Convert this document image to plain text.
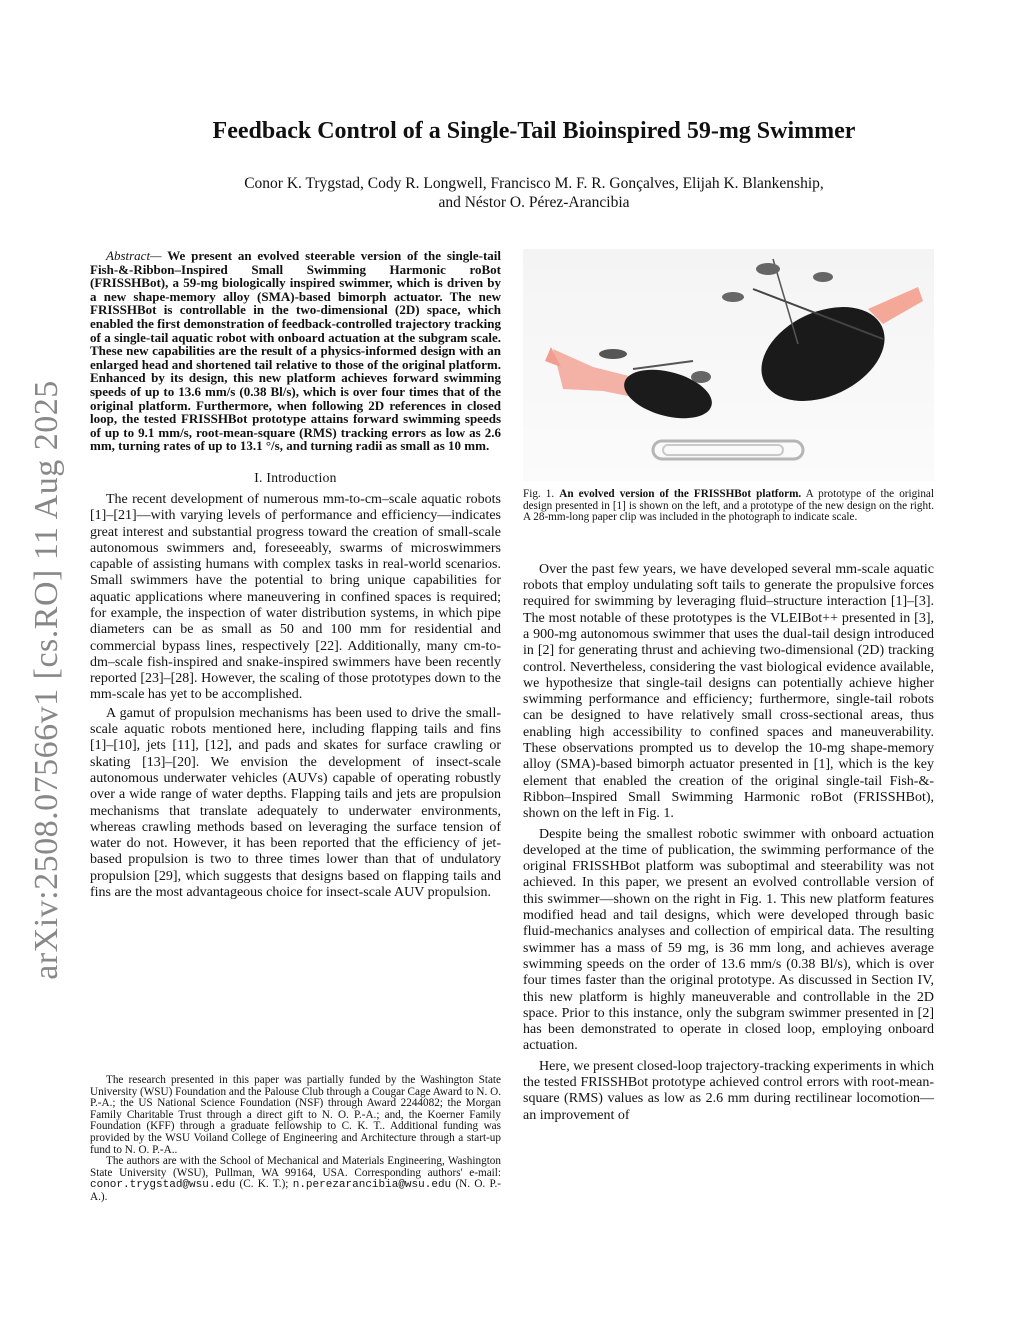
arXiv:2508.07566v1 [cs.RO] 11 Aug 2025
Feedback Control of a Single-Tail Bioinspired 59-mg Swimmer
Conor K. Trygstad, Cody R. Longwell, Francisco M. F. R. Gonçalves, Elijah K. Blankenship,
and Néstor O. Pérez-Arancibia

Abstract— We present an evolved steerable version of the single-tail Fish-&-Ribbon–Inspired Small Swimming Harmonic roBot (FRISSHBot), a 59-mg biologically inspired swimmer, which is driven by a new shape-memory alloy (SMA)-based bimorph actuator. The new FRISSHBot is controllable in the two-dimensional (2D) space, which enabled the first demonstration of feedback-controlled trajectory tracking of a single-tail aquatic robot with onboard actuation at the subgram scale. These new capabilities are the result of a physics-informed design with an enlarged head and shortened tail relative to those of the original platform. Enhanced by its design, this new platform achieves forward swimming speeds of up to 13.6 mm/s (0.38 Bl/s), which is over four times that of the original platform. Furthermore, when following 2D references in closed loop, the tested FRISSHBot prototype attains forward swimming speeds of up to 9.1 mm/s, root-mean-square (RMS) tracking errors as low as 2.6 mm, turning rates of up to 13.1 °/s, and turning radii as small as 10 mm.

I. Introduction

The recent development of numerous mm-to-cm–scale aquatic robots [1]–[21]—with varying levels of performance and efficiency—indicates great interest and substantial progress toward the creation of small-scale autonomous swimmers and, foreseeably, swarms of microswimmers capable of assisting humans with complex tasks in real-world scenarios. Small swimmers have the potential to bring unique capabilities for aquatic applications where maneuvering in confined spaces is required; for example, the inspection of water distribution systems, in which pipe diameters can be as small as 50 and 100 mm for residential and commercial bypass lines, respectively [22]. Additionally, many cm-to-dm–scale fish-inspired and snake-inspired swimmers have been recently reported [23]–[28]. However, the scaling of those prototypes down to the mm-scale has yet to be accomplished.

A gamut of propulsion mechanisms has been used to drive the small-scale aquatic robots mentioned here, including flapping tails and fins [1]–[10], jets [11], [12], and pads and skates for surface crawling or skating [13]–[20]. We envision the development of insect-scale autonomous underwater vehicles (AUVs) capable of operating robustly over a wide range of water depths. Flapping tails and jets are propulsion mechanisms that translate adequately to underwater environments, whereas crawling methods based on leveraging the surface tension of water do not. However, it has been reported that the efficiency of jet-based propulsion is two to three times lower than that of undulatory propulsion [29], which suggests that designs based on flapping tails and fins are the most advantageous choice for insect-scale AUV propulsion.

The research presented in this paper was partially funded by the Washington State University (WSU) Foundation and the Palouse Club through a Cougar Cage Award to N. O. P.-A.; the US National Science Foundation (NSF) through Award 2244082; the Morgan Family Charitable Trust through a direct gift to N. O. P.-A.; and, the Koerner Family Foundation (KFF) through a graduate fellowship to C. K. T.. Additional funding was provided by the WSU Voiland College of Engineering and Architecture through a start-up fund to N. O. P.-A..

The authors are with the School of Mechanical and Materials Engineering, Washington State University (WSU), Pullman, WA 99164, USA. Corresponding authors' e-mail: conor.trygstad@wsu.edu (C. K. T.); n.perezarancibia@wsu.edu (N. O. P.-A.).

Fig. 1. An evolved version of the FRISSHBot platform. A prototype of the original design presented in [1] is shown on the left, and a prototype of the new design on the right. A 28-mm-long paper clip was included in the photograph to indicate scale.

Over the past few years, we have developed several mm-scale aquatic robots that employ undulating soft tails to generate the propulsive forces required for swimming by leveraging fluid–structure interaction [1]–[3]. The most notable of these prototypes is the VLEIBot++ presented in [3], a 900-mg autonomous swimmer that uses the dual-tail design introduced in [2] for generating thrust and achieving two-dimensional (2D) tracking control. Nevertheless, considering the vast biological evidence available, we hypothesize that single-tail designs can potentially achieve higher swimming performance and efficiency; furthermore, single-tail robots can be designed to have relatively small cross-sectional areas, thus enabling high accessibility to confined spaces and maneuverability. These observations prompted us to develop the 10-mg shape-memory alloy (SMA)-based bimorph actuator presented in [1], which is the key element that enabled the creation of the original single-tail Fish-&-Ribbon–Inspired Small Swimming Harmonic roBot (FRISSHBot), shown on the left in Fig. 1.

Despite being the smallest robotic swimmer with onboard actuation developed at the time of publication, the swimming performance of the original FRISSHBot platform was suboptimal and steerability was not achieved. In this paper, we present an evolved controllable version of this swimmer—shown on the right in Fig. 1. This new platform features modified head and tail designs, which were developed through basic fluid-mechanics analyses and collection of empirical data. The resulting swimmer has a mass of 59 mg, is 36 mm long, and achieves average swimming speeds on the order of 13.6 mm/s (0.38 Bl/s), which is over four times faster than the original prototype. As discussed in Section IV, this new platform is highly maneuverable and controllable in the 2D space. Prior to this instance, only the subgram swimmer presented in [2] has been demonstrated to operate in closed loop, employing onboard actuation.

Here, we present closed-loop trajectory-tracking experiments in which the tested FRISSHBot prototype achieved control errors with root-mean-square (RMS) values as low as 2.6 mm during rectilinear locomotion—an improvement of
